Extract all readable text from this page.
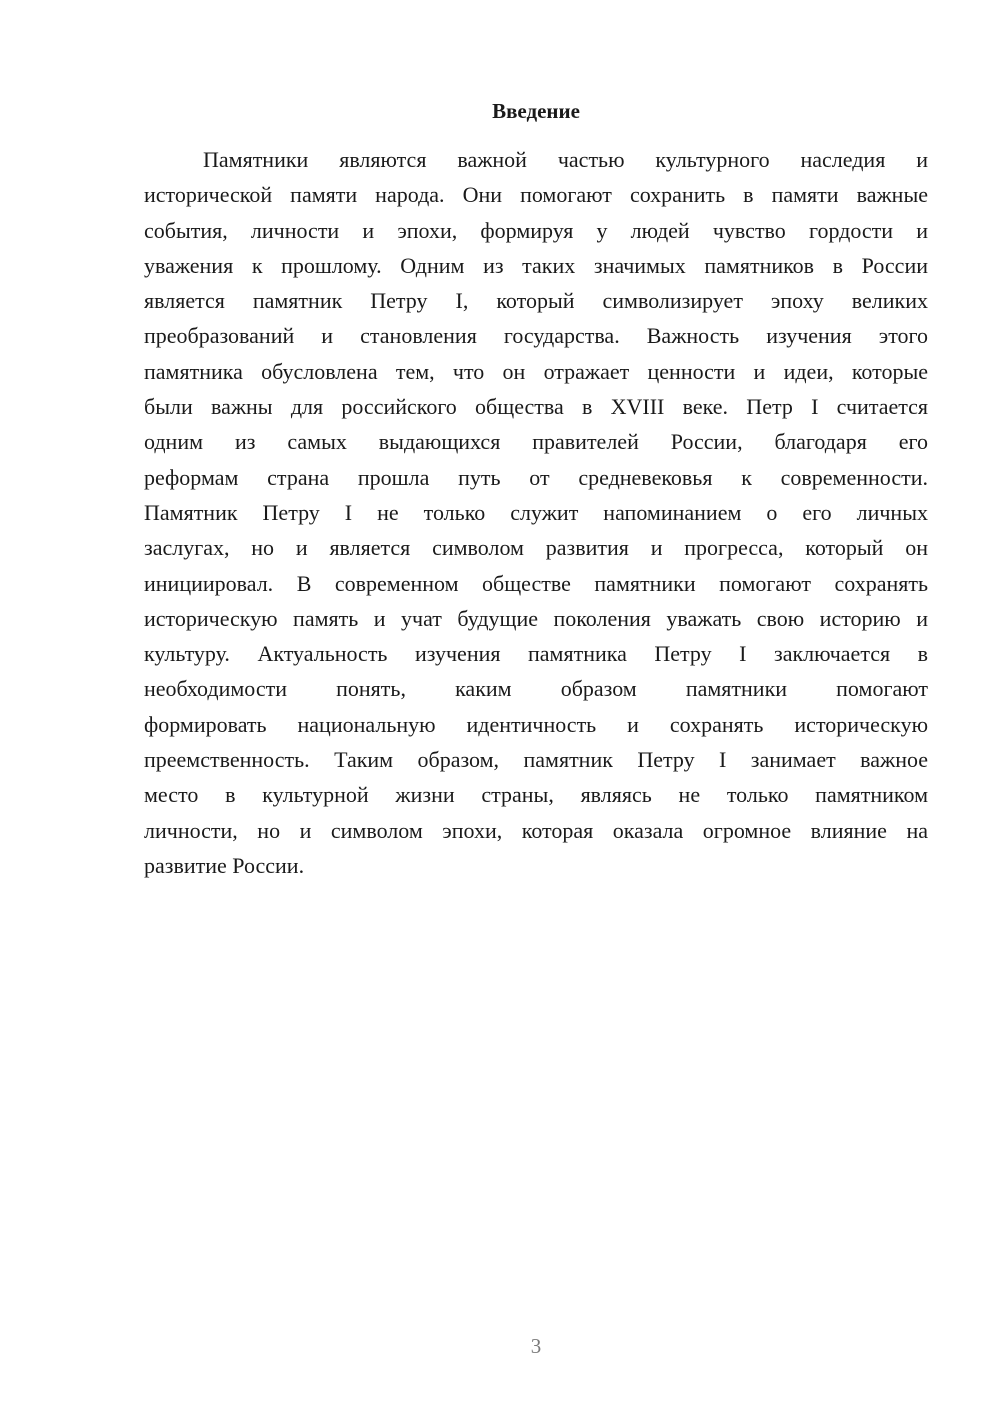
Введение
Памятники являются важной частью культурного наследия и
исторической памяти народа. Они помогают сохранить в памяти важные
события, личности и эпохи, формируя у людей чувство гордости и
уважения к прошлому. Одним из таких значимых памятников в России
является памятник Петру I, который символизирует эпоху великих
преобразований и становления государства. Важность изучения этого
памятника обусловлена тем, что он отражает ценности и идеи, которые
были важны для российского общества в XVIII веке. Петр I считается
одним из самых выдающихся правителей России, благодаря его
реформам страна прошла путь от средневековья к современности.
Памятник Петру I не только служит напоминанием о его личных
заслугах, но и является символом развития и прогресса, который он
инициировал. В современном обществе памятники помогают сохранять
историческую память и учат будущие поколения уважать свою историю и
культуру. Актуальность изучения памятника Петру I заключается в
необходимости понять, каким образом памятники помогают
формировать национальную идентичность и сохранять историческую
преемственность. Таким образом, памятник Петру I занимает важное
место в культурной жизни страны, являясь не только памятником
личности, но и символом эпохи, которая оказала огромное влияние на
развитие России.
3
